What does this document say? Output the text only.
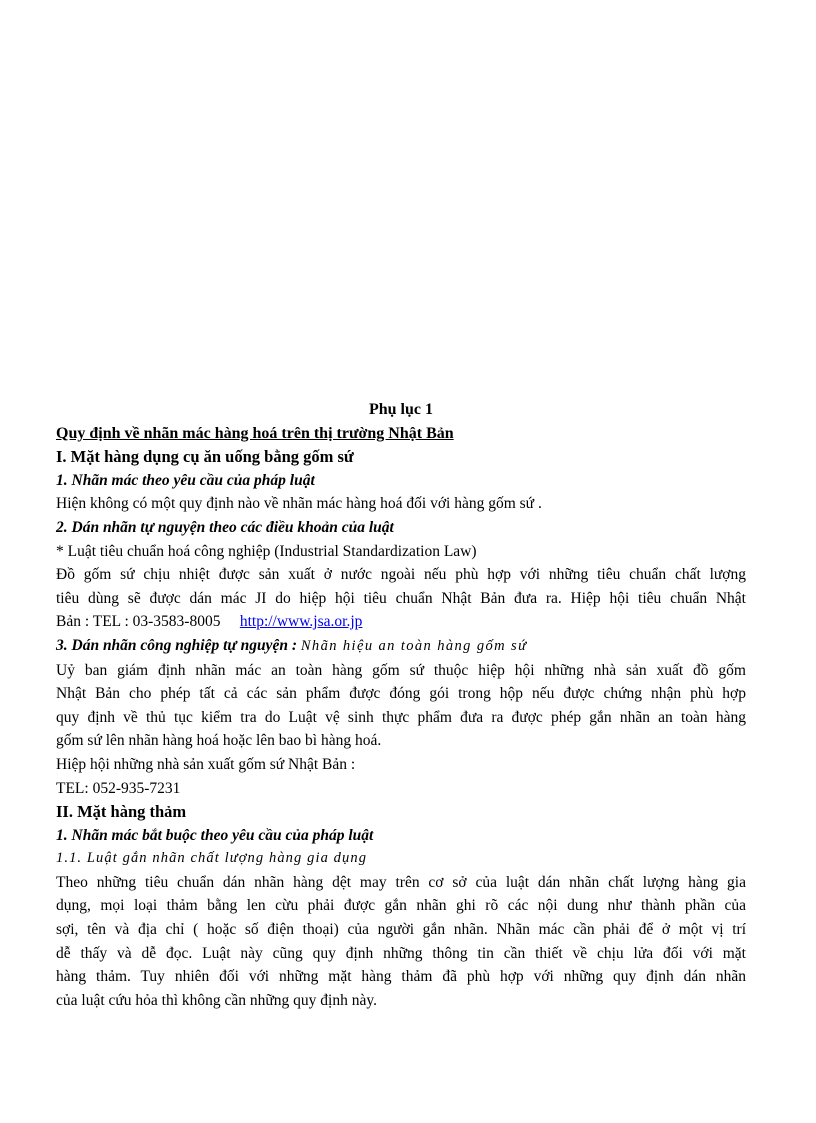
Phụ lục 1
Quy định về nhãn mác hàng hoá trên thị trường Nhật Bản
I. Mặt hàng dụng cụ ăn uống bằng gốm sứ
1. Nhãn mác theo yêu cầu của pháp luật
Hiện không có một quy định nào về nhãn mác hàng hoá đối với hàng gốm sứ .
2. Dán nhãn tự nguyện theo các điều khoản của luật
* Luật tiêu chuẩn hoá công nghiệp (Industrial Standardization Law)
Đồ gốm sứ chịu nhiệt được sản xuất ở nước ngoài nếu phù hợp với những tiêu chuẩn chất lượng
tiêu dùng sẽ được dán mác JI do hiệp hội tiêu chuẩn Nhật Bản đưa ra. Hiệp hội tiêu chuẩn Nhật
Bản : TEL : 03-3583-8005 http://www.jsa.or.jp
3. Dán nhãn công nghiệp tự nguyện : Nhãn hiệu an toàn hàng gốm sứ
Uỷ ban giám định nhãn mác an toàn hàng gốm sứ thuộc hiệp hội những nhà sản xuất đồ gốm
Nhật Bản cho phép tất cả các sản phẩm được đóng gói trong hộp nếu được chứng nhận phù hợp
quy định về thủ tục kiểm tra do Luật vệ sinh thực phẩm đưa ra được phép gắn nhãn an toàn hàng
gốm sứ lên nhãn hàng hoá hoặc lên bao bì hàng hoá.
Hiệp hội những nhà sản xuất gốm sứ Nhật Bản :
TEL: 052-935-7231
II. Mặt hàng thảm
1. Nhãn mác bắt buộc theo yêu cầu của pháp luật
1.1. Luật gắn nhãn chất lượng hàng gia dụng
Theo những tiêu chuẩn dán nhãn hàng dệt may trên cơ sở của luật dán nhãn chất lượng hàng gia
dụng, mọi loại thảm bằng len cừu phải được gắn nhãn ghi rõ các nội dung như thành phần của
sợi, tên và địa chỉ ( hoặc số điện thoại) của người gắn nhãn. Nhãn mác cần phải để ở một vị trí
dễ thấy và dễ đọc. Luật này cũng quy định những thông tin cần thiết về chịu lửa đối với mặt
hàng thảm. Tuy nhiên đối với những mặt hàng thảm đã phù hợp với những quy định dán nhãn
của luật cứu hỏa thì không cần những quy định này.
